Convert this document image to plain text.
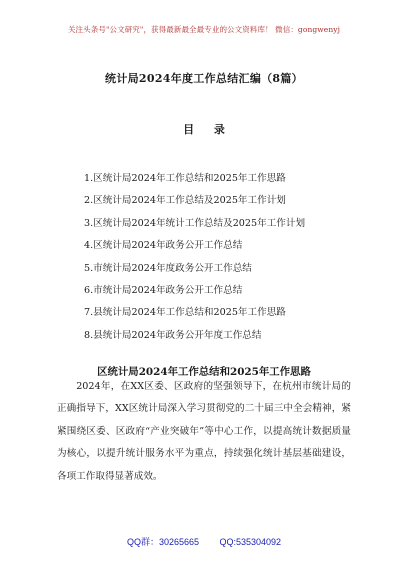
关注头条号"公文研究"，获得最新最全最专业的公文资料库！ 微信：gongwenyj
统计局2024年度工作总结汇编（8篇）
目 录
1.区统计局2024年工作总结和2025年工作思路
2.区统计局2024年工作总结及2025年工作计划
3.区统计局2024年统计工作总结及2025年工作计划
4.区统计局2024年政务公开工作总结
5.市统计局2024年度政务公开工作总结
6.市统计局2024年政务公开工作总结
7.县统计局2024年工作总结和2025年工作思路
8.县统计局2024年政务公开年度工作总结
区统计局2024年工作总结和2025年工作思路

2024年，在XX区委、区政府的坚强领导下，在杭州市统计局的正确指导下，XX区统计局深入学习贯彻党的二十届三中全会精神，紧紧围绕区委、区政府“产业突破年”等中心工作，以提高统计数据质量为核心，以提升统计服务水平为重点，持续强化统计基层基础建设，各项工作取得显著成效。

QQ群：30265665 QQ:535304092
